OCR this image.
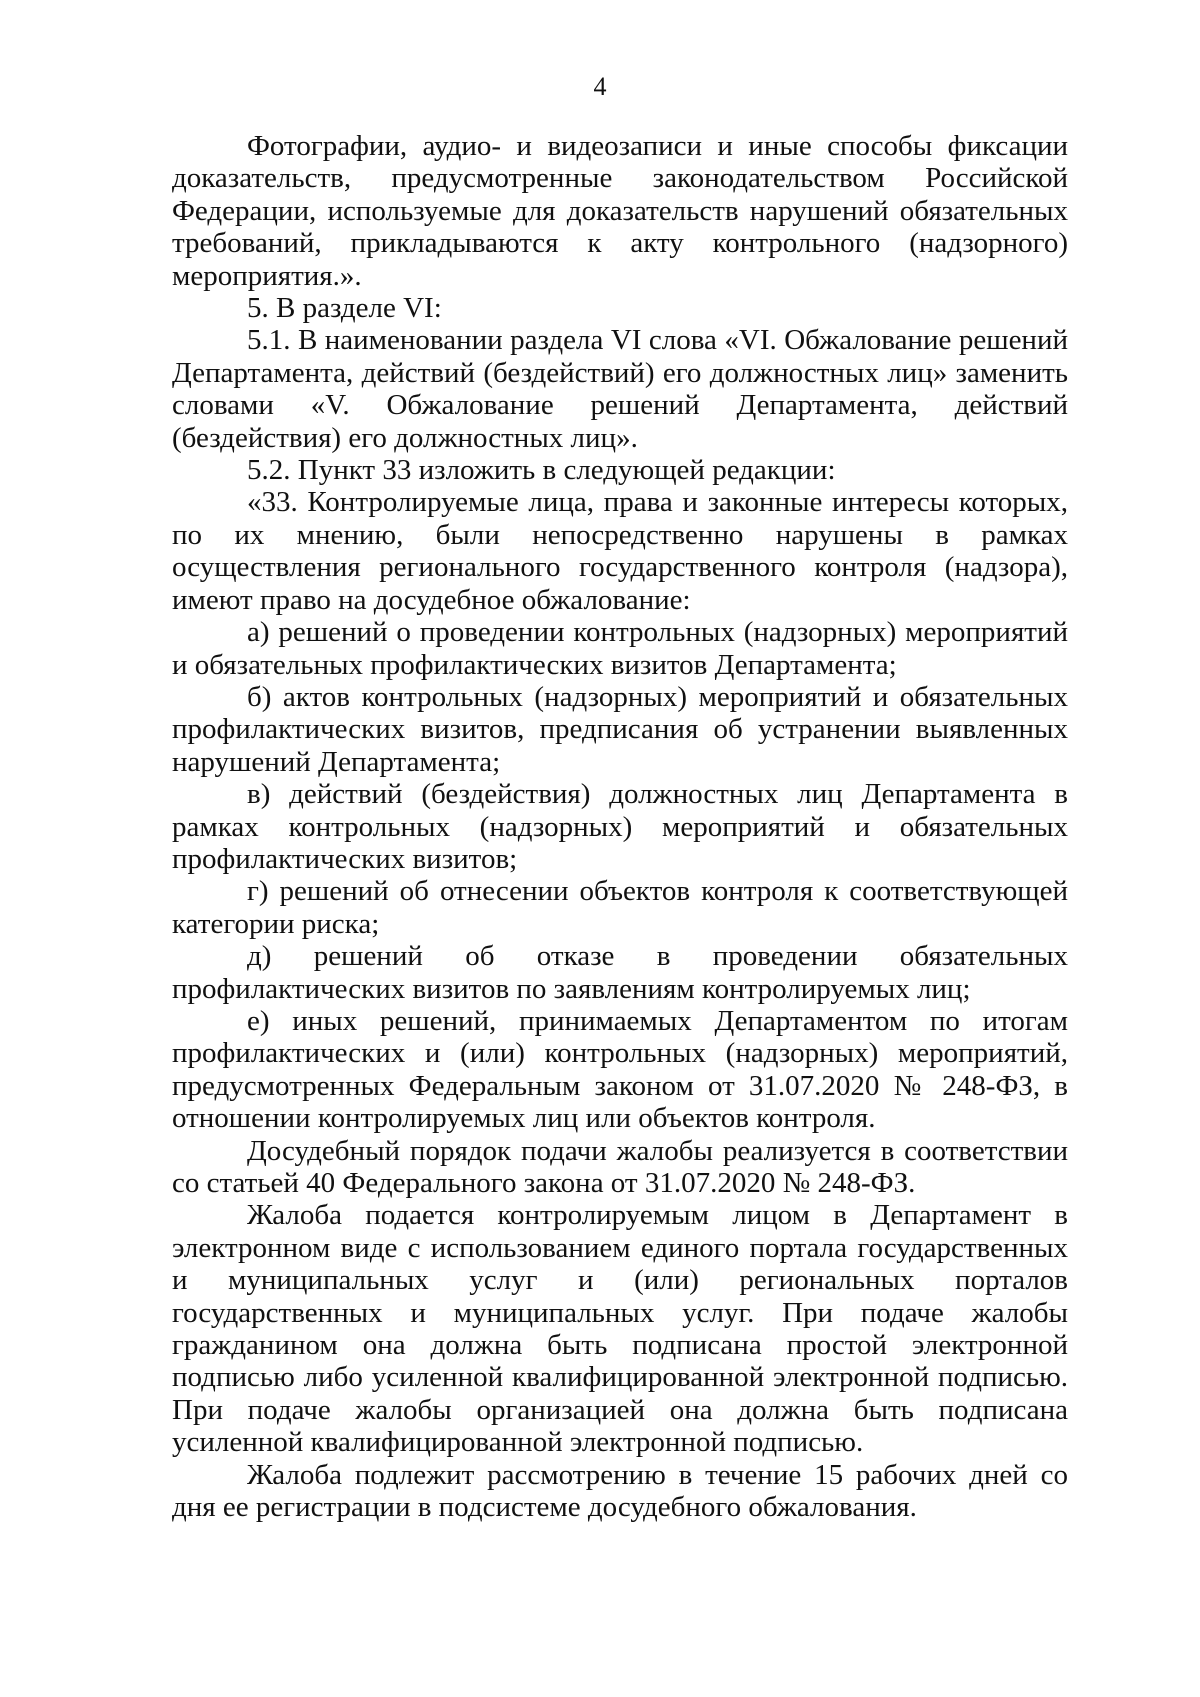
4

Фотографии, аудио- и видеозаписи и иные способы фиксации доказательств, предусмотренные законодательством Российской Федерации, используемые для доказательств нарушений обязательных требований, прикладываются к акту контрольного (надзорного) мероприятия.».

5. В разделе VI:

5.1. В наименовании раздела VI слова «VI. Обжалование решений Департамента, действий (бездействий) его должностных лиц» заменить словами «V. Обжалование решений Департамента, действий (бездействия) его должностных лиц».

5.2. Пункт 33 изложить в следующей редакции:

«33. Контролируемые лица, права и законные интересы которых, по их мнению, были непосредственно нарушены в рамках осуществления регионального государственного контроля (надзора), имеют право на досудебное обжалование:

а) решений о проведении контрольных (надзорных) мероприятий и обязательных профилактических визитов Департамента;

б) актов контрольных (надзорных) мероприятий и обязательных профилактических визитов, предписания об устранении выявленных нарушений Департамента;

в) действий (бездействия) должностных лиц Департамента в рамках контрольных (надзорных) мероприятий и обязательных профилактических визитов;

г) решений об отнесении объектов контроля к соответствующей категории риска;

д) решений об отказе в проведении обязательных профилактических визитов по заявлениям контролируемых лиц;

е) иных решений, принимаемых Департаментом по итогам профилактических и (или) контрольных (надзорных) мероприятий, предусмотренных Федеральным законом от 31.07.2020 № 248-ФЗ, в отношении контролируемых лиц или объектов контроля.

Досудебный порядок подачи жалобы реализуется в соответствии со статьей 40 Федерального закона от 31.07.2020 № 248-ФЗ.

Жалоба подается контролируемым лицом в Департамент в электронном виде с использованием единого портала государственных и муниципальных услуг и (или) региональных порталов государственных и муниципальных услуг. При подаче жалобы гражданином она должна быть подписана простой электронной подписью либо усиленной квалифицированной электронной подписью. При подаче жалобы организацией она должна быть подписана усиленной квалифицированной электронной подписью.

Жалоба подлежит рассмотрению в течение 15 рабочих дней со дня ее регистрации в подсистеме досудебного обжалования.
